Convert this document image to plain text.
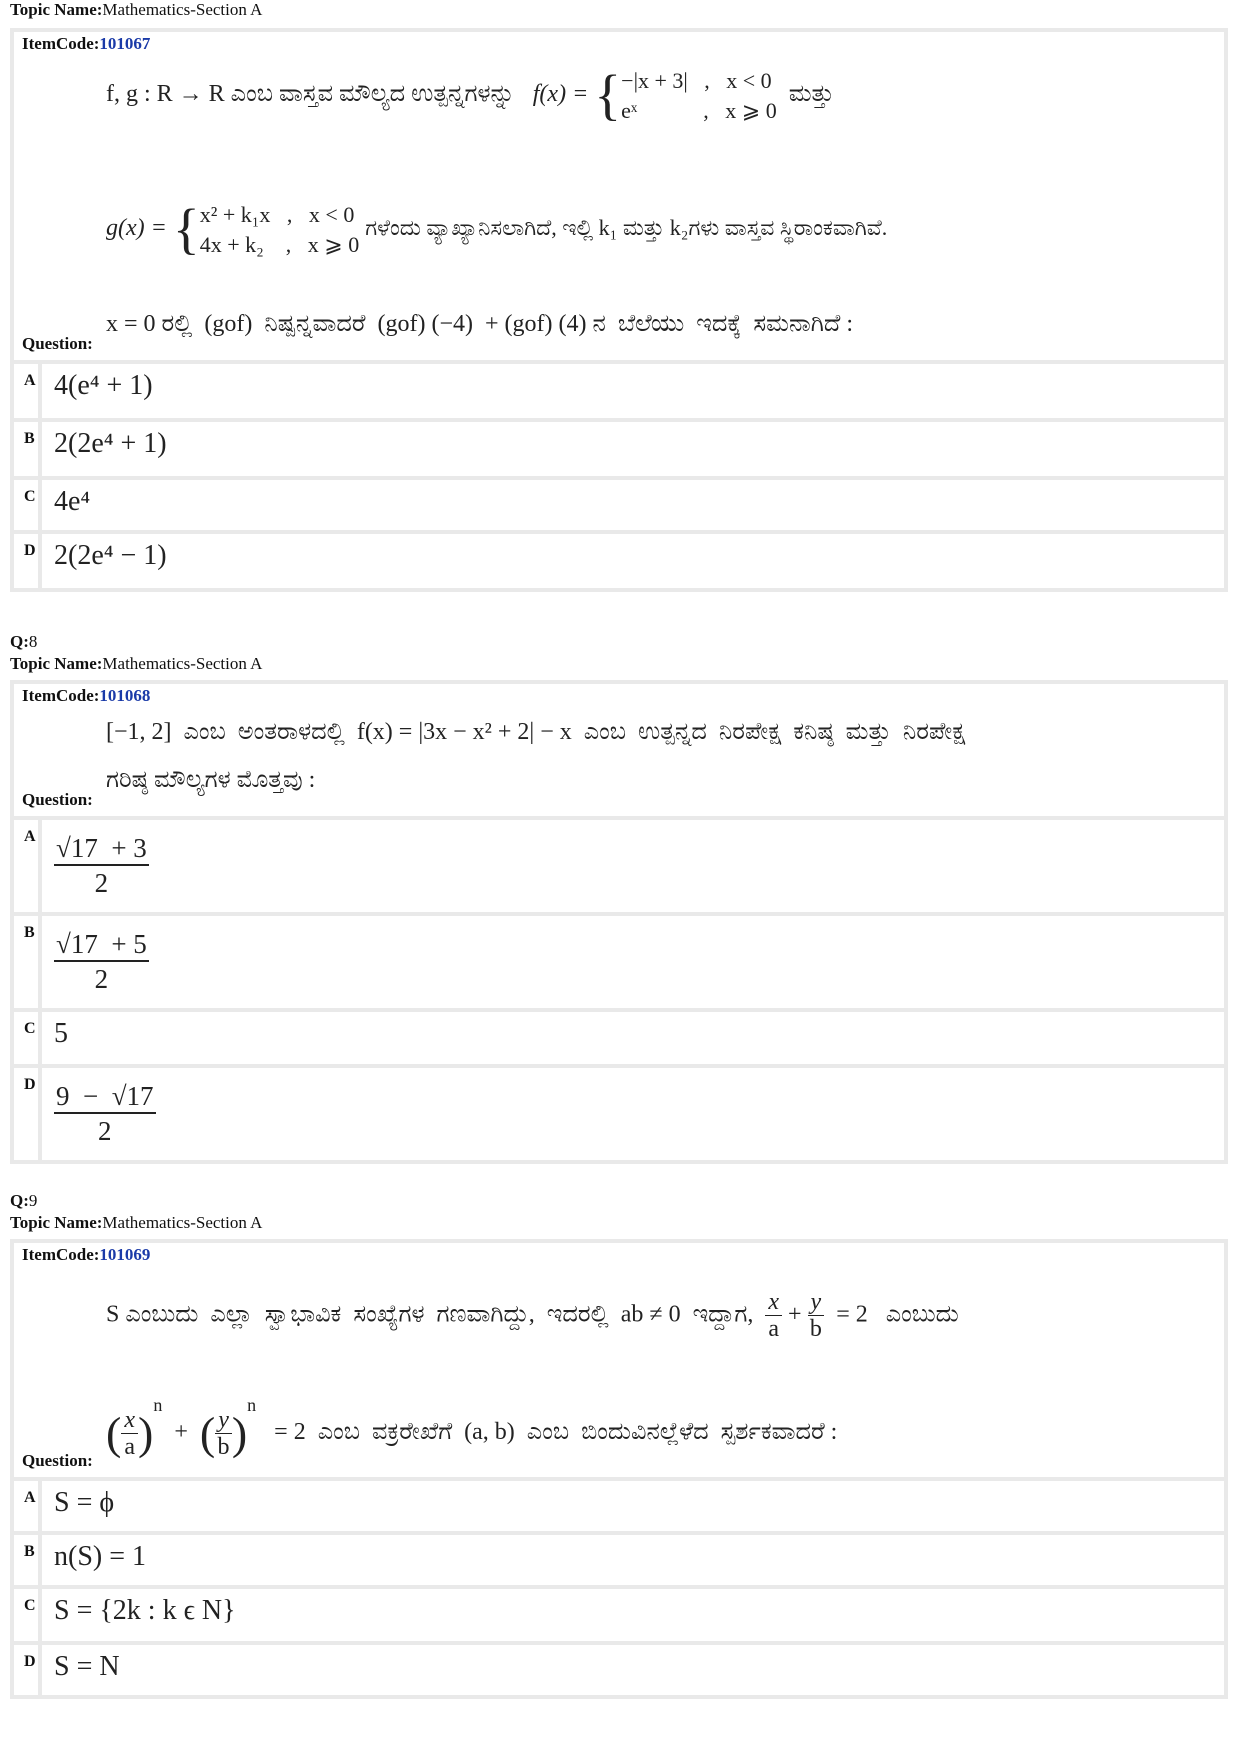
Topic Name:Mathematics-Section A
ItemCode:101067
f, g : R → R ಎಂಬ ವಾಸ್ತವ ಮೌಲ್ಯದ ಉತ್ಪನ್ನಗಳನ್ನು f(x) = {−|x + 3|   ,   x < 0
eˣ            ,   x ⩾ 0  ಮತ್ತು
g(x) = {x² + k₁x   ,   x < 0
4x + k₂    ,   x ⩾ 0 ಗಳೆಂದು ವ್ಯಾಖ್ಯಾನಿಸಲಾಗಿದೆ, ಇಲ್ಲಿ k₁ ಮತ್ತು k₂ಗಳು ವಾಸ್ತವ ಸ್ಥಿರಾಂಕವಾಗಿವೆ.
x = 0 ರಲ್ಲಿ  (gof)  ನಿಷ್ಪನ್ನವಾದರೆ  (gof) (−4)  + (gof) (4) ನ  ಬೆಲೆಯು  ಇದಕ್ಕೆ  ಸಮನಾಗಿದೆ :
Question:
A 4(e⁴ + 1)
B 2(2e⁴ + 1)
C 4e⁴
D 2(2e⁴ − 1)
Q:8
Topic Name:Mathematics-Section A
ItemCode:101068
[−1, 2]  ಎಂಬ  ಅಂತರಾಳದಲ್ಲಿ  f(x) = |3x − x² + 2| − x  ಎಂಬ  ಉತ್ಪನ್ನದ  ನಿರಪೇಕ್ಷ  ಕನಿಷ್ಠ  ಮತ್ತು  ನಿರಪೇಕ್ಷ
ಗರಿಷ್ಠ ಮೌಲ್ಯಗಳ ಮೊತ್ತವು :
Question:
A $\frac{√17 + 3}{2}$
B $\frac{√17 + 5}{2}$
C 5
D $\frac{9 - √17}{2}$
Q:9
Topic Name:Mathematics-Section A
ItemCode:101069
S ಎಂಬುದು  ಎಲ್ಲಾ  ಸ್ವಾಭಾವಿಕ  ಸಂಖ್ಯೆಗಳ  ಗಣವಾಗಿದ್ದು,  ಇದರಲ್ಲಿ  ab ≠ 0  ಇದ್ದಾಗ, $\frac{x}{a} + \frac{y}{b} = 2$ ಎಂಬುದು
( $\frac{x}{a} )^n$  +  ( $\frac{y}{b} )^n = 2$  ಎಂಬ  ವಕ್ರರೇಖೆಗೆ  (a, b)  ಎಂಬ  ಬಿಂದುವಿನಲ್ಲೆಳೆದ  ಸ್ಪರ್ಶಕವಾದರೆ :
Question:
A S = ϕ
B n(S) = 1
C S = {2k : k ϵ N}
D S = N
